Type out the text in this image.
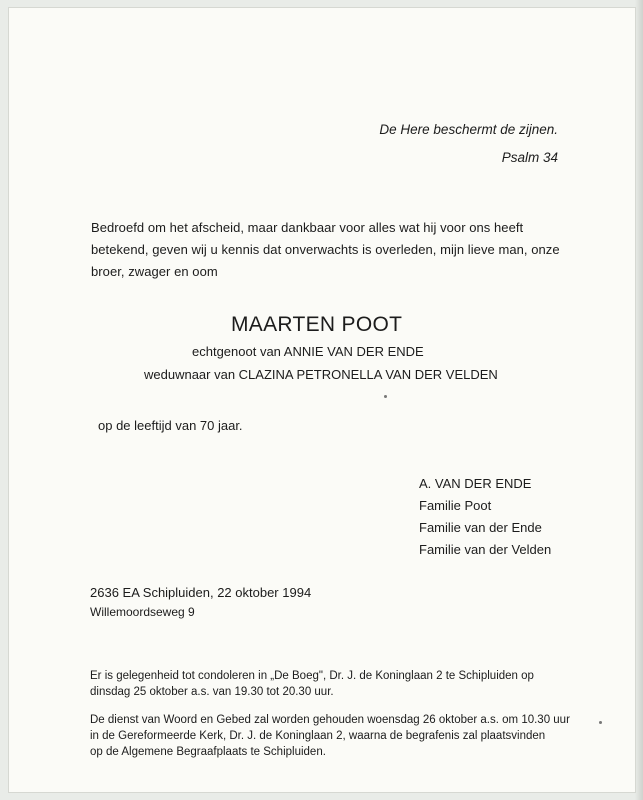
De Here beschermt de zijnen.
Psalm 34
Bedroefd om het afscheid, maar dankbaar voor alles wat hij voor ons heeft
betekend, geven wij u kennis dat onverwachts is overleden, mijn lieve man, onze
broer, zwager en oom
MAARTEN POOT
echtgenoot van ANNIE VAN DER ENDE
weduwnaar van CLAZINA PETRONELLA VAN DER VELDEN
op de leeftijd van 70 jaar.
A. VAN DER ENDE
Familie Poot
Familie van der Ende
Familie van der Velden
2636 EA Schipluiden, 22 oktober 1994
Willemoordseweg 9
Er is gelegenheid tot condoleren in „De Boeg", Dr. J. de Koninglaan 2 te Schipluiden op
dinsdag 25 oktober a.s. van 19.30 tot 20.30 uur.
De dienst van Woord en Gebed zal worden gehouden woensdag 26 oktober a.s. om 10.30 uur
in de Gereformeerde Kerk, Dr. J. de Koninglaan 2, waarna de begrafenis zal plaatsvinden
op de Algemene Begraafplaats te Schipluiden.
